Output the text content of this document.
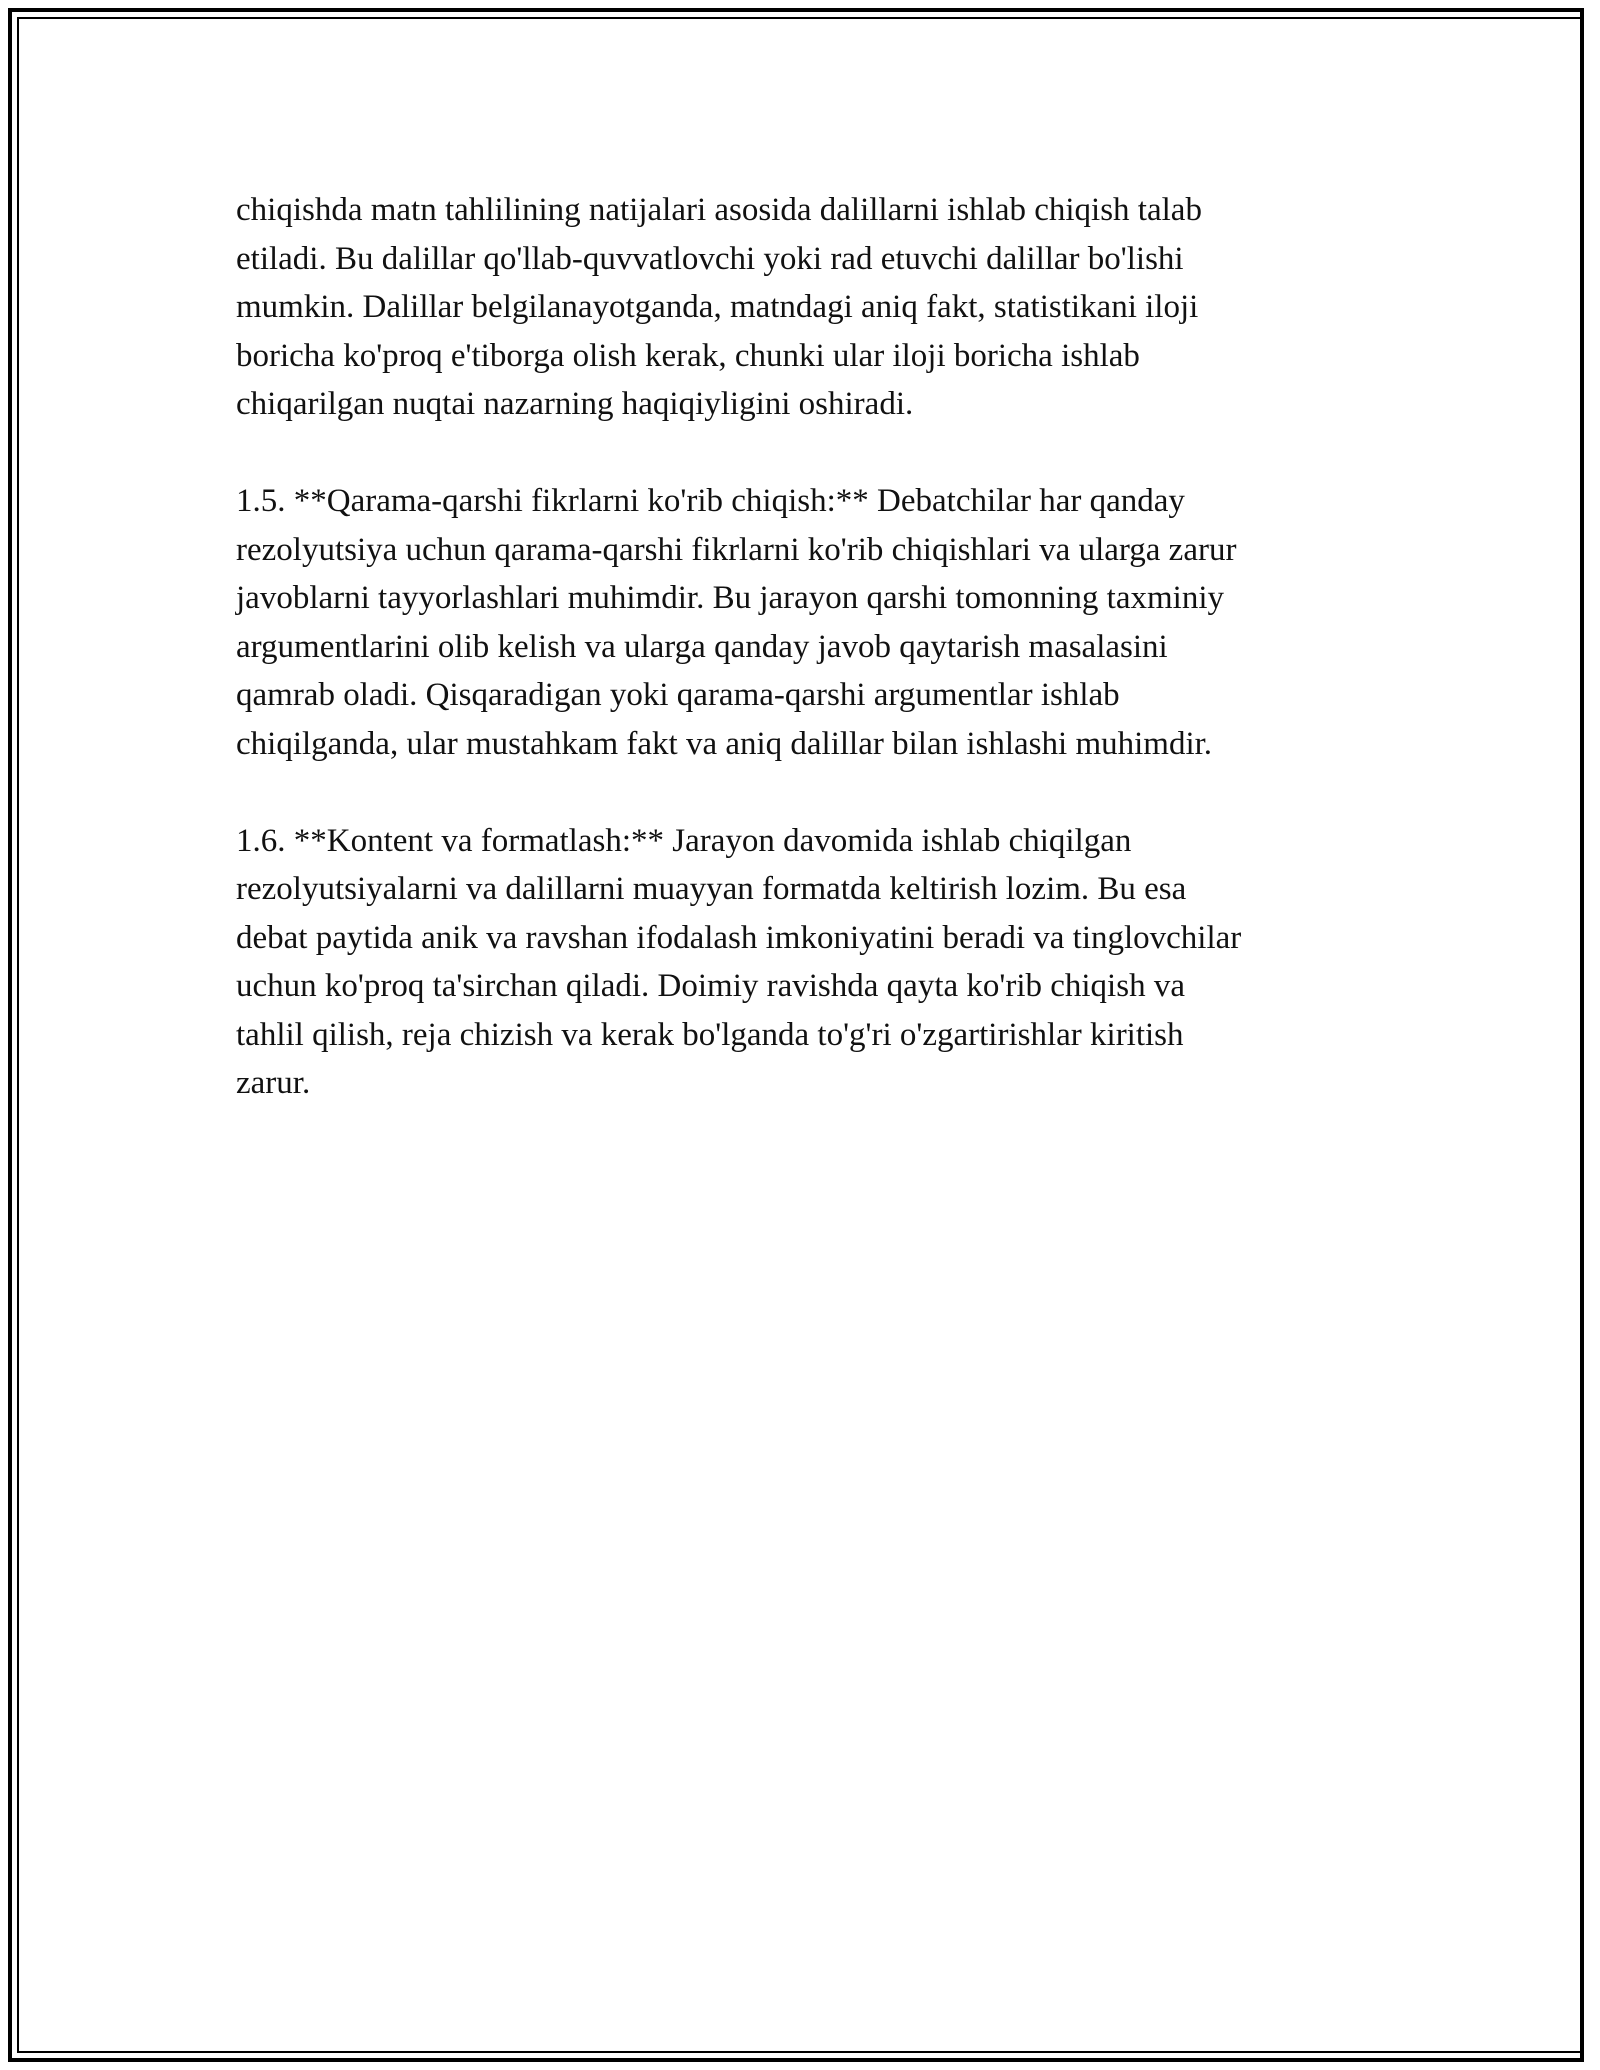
chiqishda matn tahlilining natijalari asosida dalillarni ishlab chiqish talab
etiladi. Bu dalillar qo'llab-quvvatlovchi yoki rad etuvchi dalillar bo'lishi
mumkin. Dalillar belgilanayotganda, matndagi aniq fakt, statistikani iloji
boricha ko'proq e'tiborga olish kerak, chunki ular iloji boricha ishlab
chiqarilgan nuqtai nazarning haqiqiyligini oshiradi.

1.5. **Qarama-qarshi fikrlarni ko'rib chiqish:** Debatchilar har qanday
rezolyutsiya uchun qarama-qarshi fikrlarni ko'rib chiqishlari va ularga zarur
javoblarni tayyorlashlari muhimdir. Bu jarayon qarshi tomonning taxminiy
argumentlarini olib kelish va ularga qanday javob qaytarish masalasini
qamrab oladi. Qisqaradigan yoki qarama-qarshi argumentlar ishlab
chiqilganda, ular mustahkam fakt va aniq dalillar bilan ishlashi muhimdir.

1.6. **Kontent va formatlash:** Jarayon davomida ishlab chiqilgan
rezolyutsiyalarni va dalillarni muayyan formatda keltirish lozim. Bu esa
debat paytida anik va ravshan ifodalash imkoniyatini beradi va tinglovchilar
uchun ko'proq ta'sirchan qiladi. Doimiy ravishda qayta ko'rib chiqish va
tahlil qilish, reja chizish va kerak bo'lganda to'g'ri o'zgartirishlar kiritish
zarur.
